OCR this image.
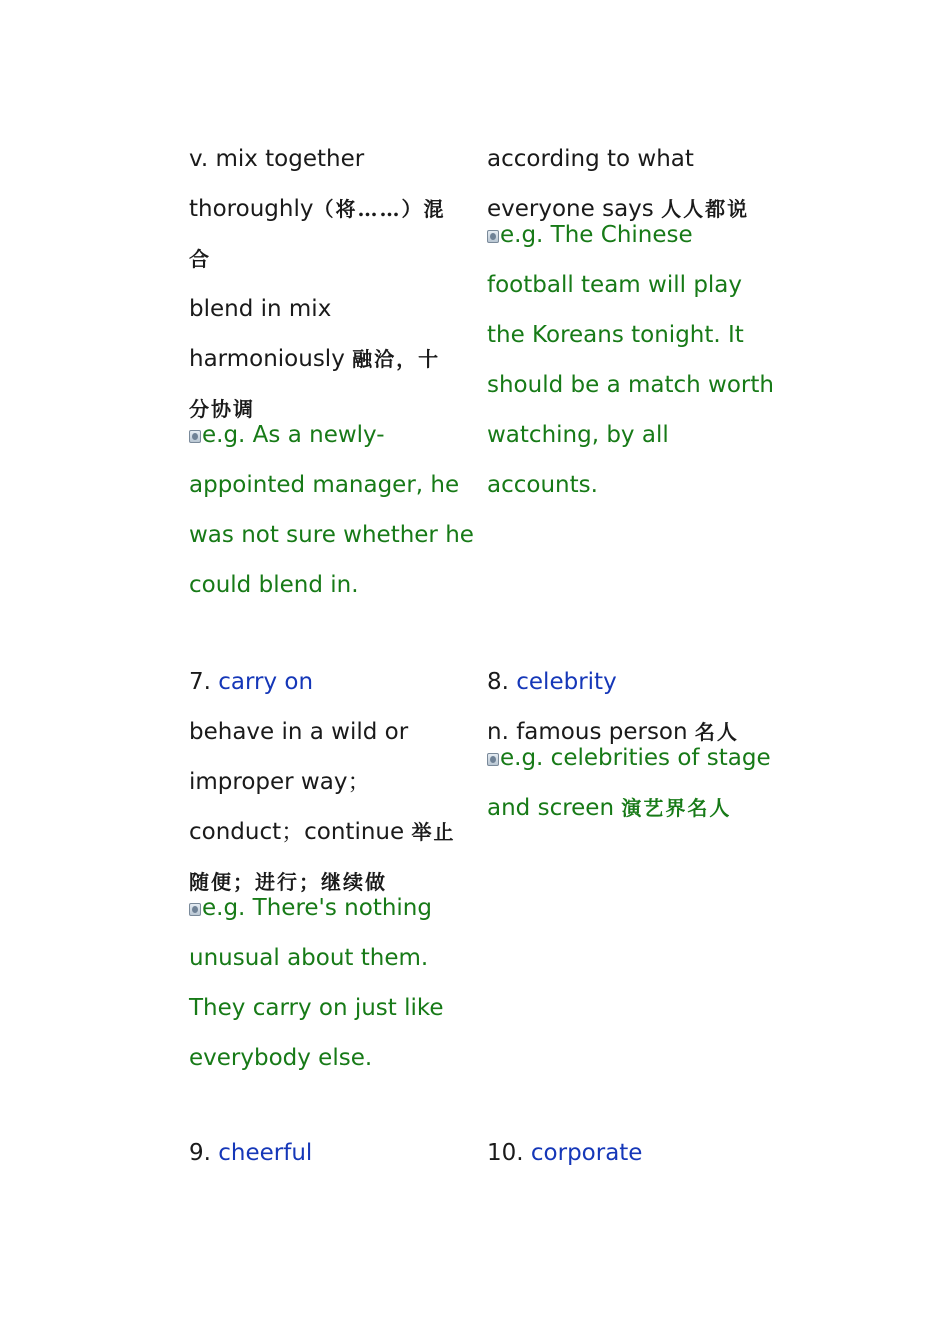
v. mix together
thoroughly（将……）混
合
blend in mix
harmoniously 融洽，十
分协调
e.g. As a newly-
appointed manager, he
was not sure whether he
could blend in.
7. carry on
behave in a wild or
improper way；
conduct；continue 举止
随便；进行；继续做
e.g. There's nothing
unusual about them.
They carry on just like
everybody else.
9. cheerful
according to what
everyone says 人人都说
e.g. The Chinese
football team will play
the Koreans tonight. It
should be a match worth
watching, by all
accounts.
8. celebrity
n. famous person 名人
e.g. celebrities of stage
and screen 演艺界名人
10. corporate
